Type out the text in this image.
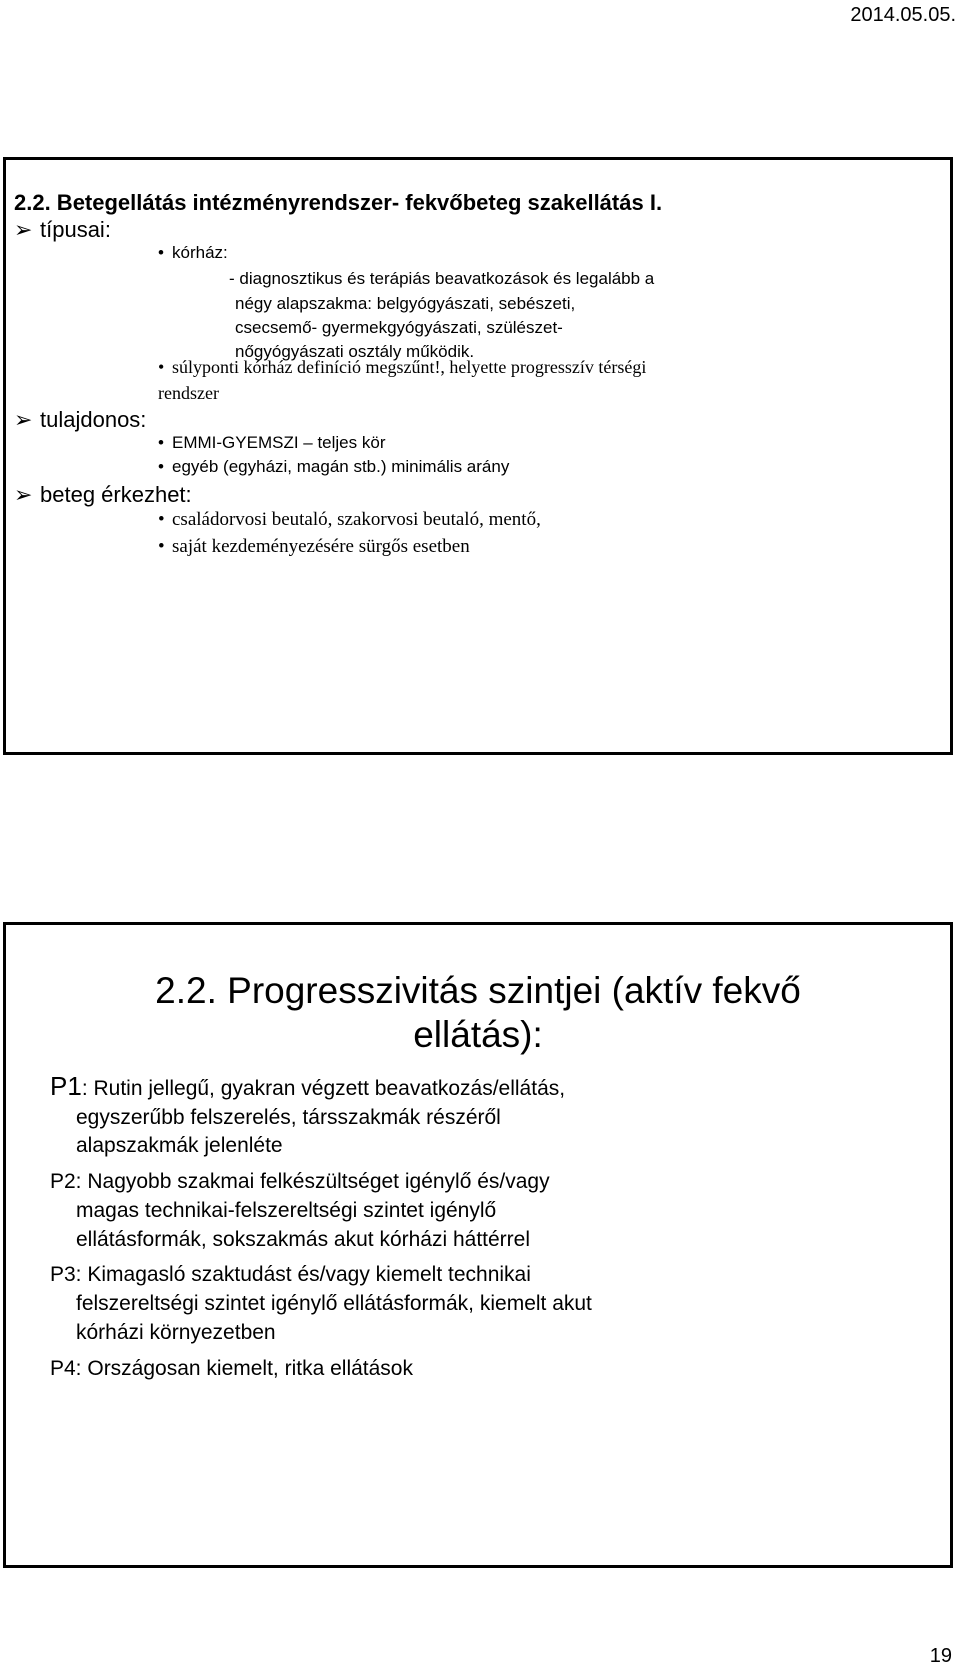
2014.05.05.
2.2. Betegellátás intézményrendszer- fekvőbeteg szakellátás I.
➢ típusai:
• kórház:
- diagnosztikus és terápiás beavatkozások és legalább a
négy alapszakma: belgyógyászati, sebészeti,
csecsemő- gyermekgyógyászati, szülészet-
nőgyógyászati osztály működik.
• súlyponti kórház definíció megszűnt!, helyette progresszív térségi
rendszer
➢ tulajdonos:
• EMMI-GYEMSZI – teljes kör
• egyéb (egyházi, magán stb.) minimális arány
➢ beteg érkezhet:
• családorvosi beutaló, szakorvosi beutaló, mentő,
• saját kezdeményezésére sürgős esetben
2.2. Progresszivitás szintjei (aktív fekvő
ellátás):
P1: Rutin jellegű, gyakran végzett beavatkozás/ellátás,
egyszerűbb felszerelés, társszakmák részéről
alapszakmák jelenléte
P2: Nagyobb szakmai felkészültséget igénylő és/vagy
magas technikai-felszereltségi szintet igénylő
ellátásformák, sokszakmás akut kórházi háttérrel
P3: Kimagasló szaktudást és/vagy kiemelt technikai
felszereltségi szintet igénylő ellátásformák, kiemelt akut
kórházi környezetben
P4: Országosan kiemelt, ritka ellátások
19
